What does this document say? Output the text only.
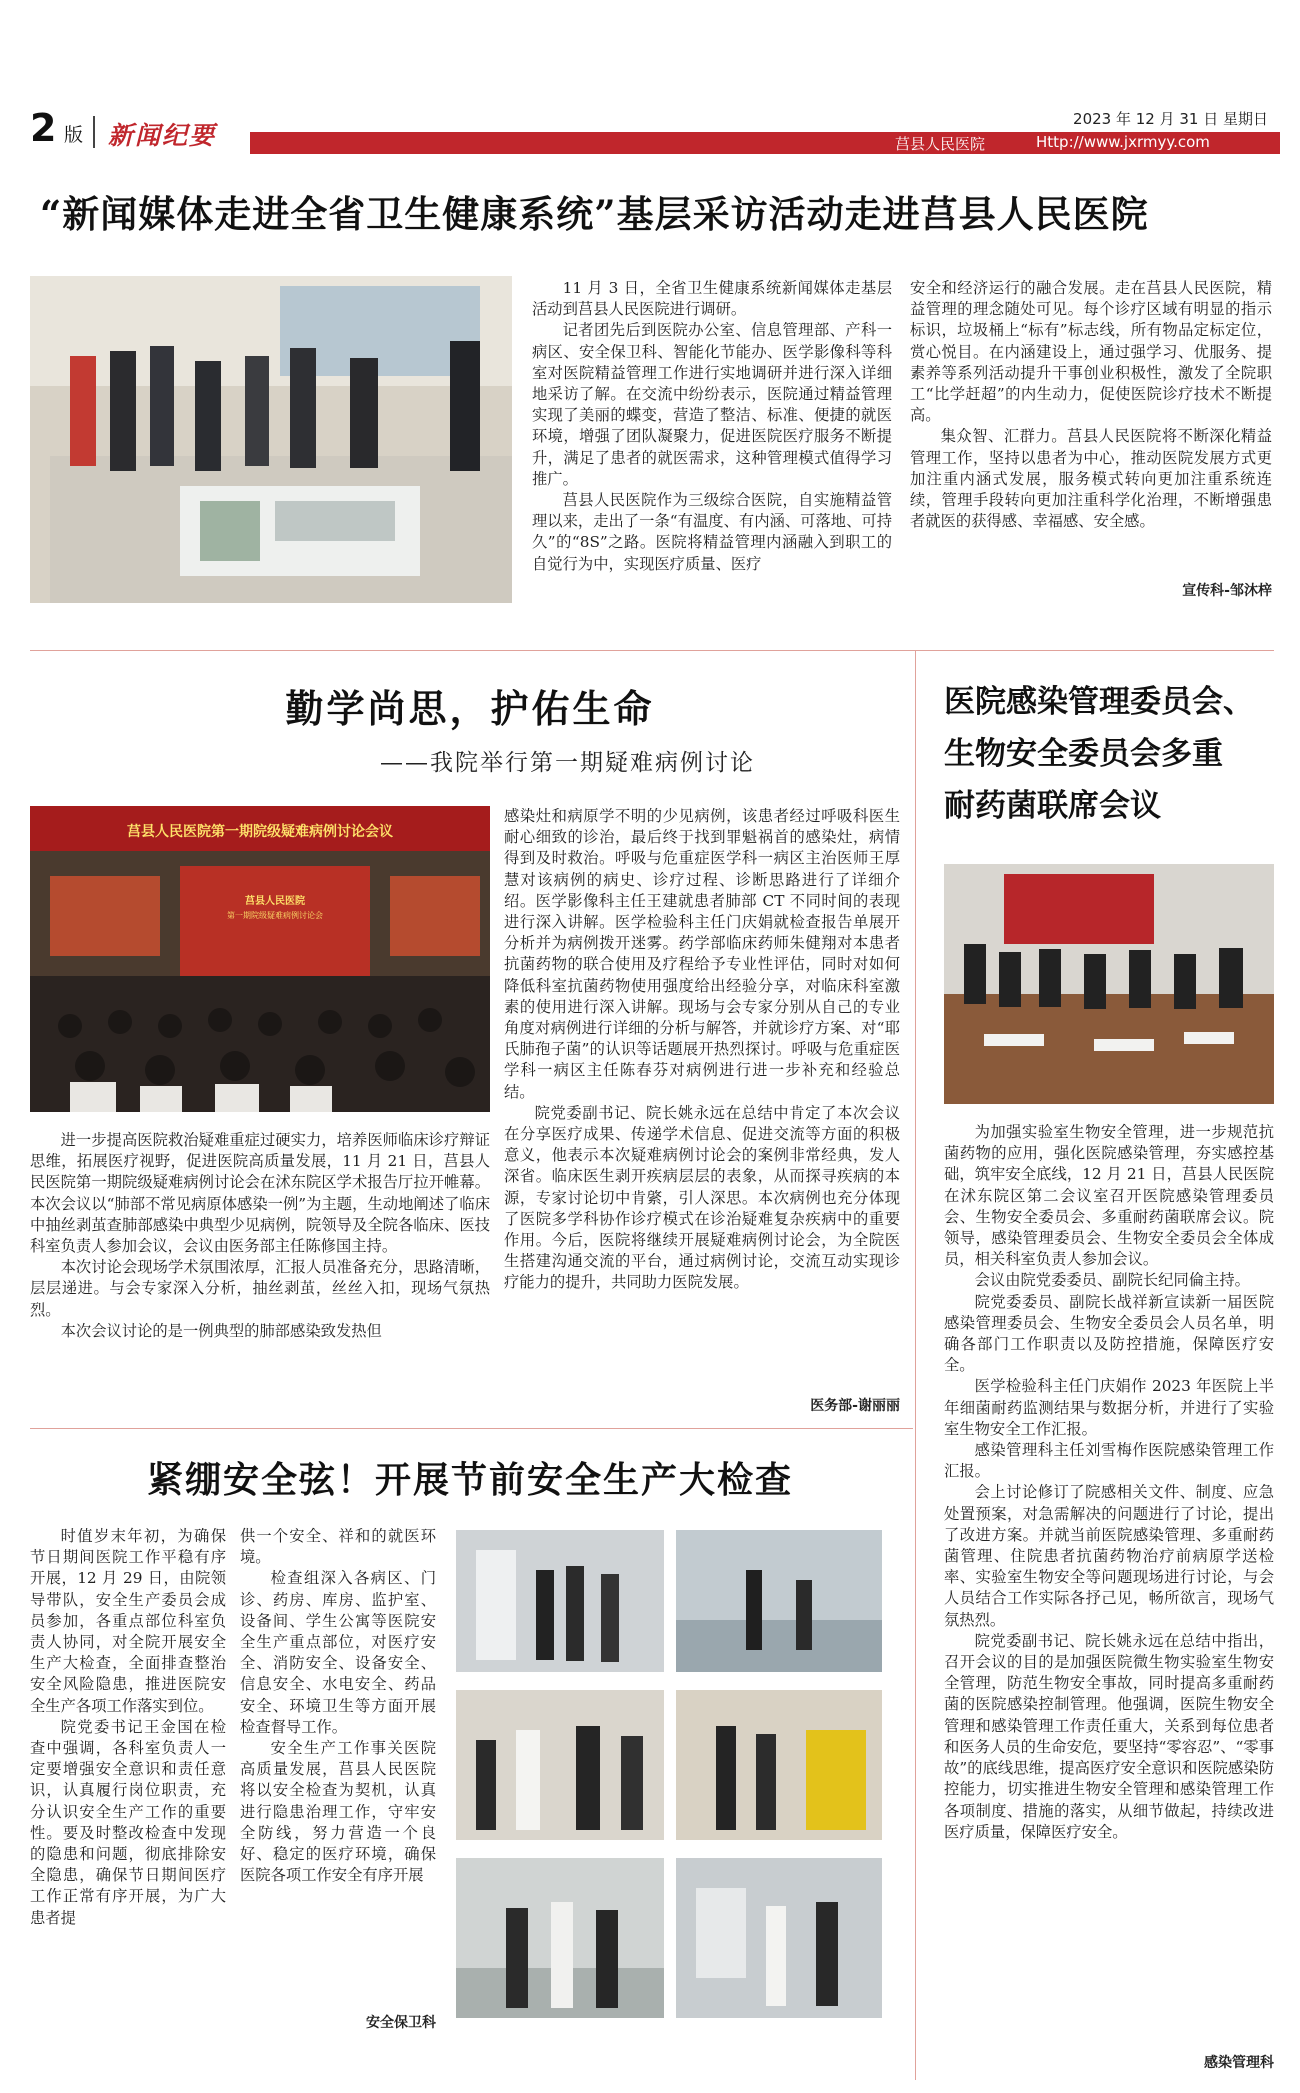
2 版 新闻纪要
2023 年 12 月 31 日 星期日
莒县人民医院	Http://www.jxrmyy.com
“新闻媒体走进全省卫生健康系统”基层采访活动走进莒县人民医院

11 月 3 日，全省卫生健康系统新闻媒体走基层活动到莒县人民医院进行调研。

记者团先后到医院办公室、信息管理部、产科一病区、安全保卫科、智能化节能办、医学影像科等科室对医院精益管理工作进行实地调研并进行深入详细地采访了解。在交流中纷纷表示，医院通过精益管理实现了美丽的蝶变，营造了整洁、标准、便捷的就医环境，增强了团队凝聚力，促进医院医疗服务不断提升，满足了患者的就医需求，这种管理模式值得学习推广。

莒县人民医院作为三级综合医院，自实施精益管理以来，走出了一条“有温度、有内涵、可落地、可持久”的“8S”之路。医院将精益管理内涵融入到职工的自觉行为中，实现医疗质量、医疗

安全和经济运行的融合发展。走在莒县人民医院，精益管理的理念随处可见。每个诊疗区域有明显的指示标识，垃圾桶上“标有”标志线，所有物品定标定位，赏心悦目。在内涵建设上，通过强学习、优服务、提素养等系列活动提升干事创业积极性，激发了全院职工“比学赶超”的内生动力，促使医院诊疗技术不断提高。

集众智、汇群力。莒县人民医院将不断深化精益管理工作，坚持以患者为中心，推动医院发展方式更加注重内涵式发展，服务模式转向更加注重系统连续，管理手段转向更加注重科学化治理，不断增强患者就医的获得感、幸福感、安全感。

宣传科-邹沐梓
勤学尚思，护佑生命
——我院举行第一期疑难病例讨论
莒县人民医院第一期院级疑难病例讨论会议
莒县人民医院
第一期院级疑难病例讨论会

感染灶和病原学不明的少见病例，该患者经过呼吸科医生耐心细致的诊治，最后终于找到罪魁祸首的感染灶，病情得到及时救治。呼吸与危重症医学科一病区主治医师王厚慧对该病例的病史、诊疗过程、诊断思路进行了详细介绍。医学影像科主任王建就患者肺部 CT 不同时间的表现进行深入讲解。医学检验科主任门庆娟就检查报告单展开分析并为病例拨开迷雾。药学部临床药师朱健翔对本患者抗菌药物的联合使用及疗程给予专业性评估，同时对如何降低科室抗菌药物使用强度给出经验分享，对临床科室激素的使用进行深入讲解。现场与会专家分别从自己的专业角度对病例进行详细的分析与解答，并就诊疗方案、对“耶氏肺孢子菌”的认识等话题展开热烈探讨。呼吸与危重症医学科一病区主任陈春芬对病例进行进一步补充和经验总结。

院党委副书记、院长姚永远在总结中肯定了本次会议在分享医疗成果、传递学术信息、促进交流等方面的积极意义，他表示本次疑难病例讨论会的案例非常经典，发人深省。临床医生剥开疾病层层的表象，从而探寻疾病的本源，专家讨论切中肯綮，引人深思。本次病例也充分体现了医院多学科协作诊疗模式在诊治疑难复杂疾病中的重要作用。今后，医院将继续开展疑难病例讨论会，为全院医生搭建沟通交流的平台，通过病例讨论，交流互动实现诊疗能力的提升，共同助力医院发展。

进一步提高医院救治疑难重症过硬实力，培养医师临床诊疗辩证思维，拓展医疗视野，促进医院高质量发展，11 月 21 日，莒县人民医院第一期院级疑难病例讨论会在沭东院区学术报告厅拉开帷幕。本次会议以“肺部不常见病原体感染一例”为主题，生动地阐述了临床中抽丝剥茧查肺部感染中典型少见病例，院领导及全院各临床、医技科室负责人参加会议，会议由医务部主任陈修国主持。

本次讨论会现场学术氛围浓厚，汇报人员准备充分，思路清晰，层层递进。与会专家深入分析，抽丝剥茧，丝丝入扣，现场气氛热烈。

本次会议讨论的是一例典型的肺部感染致发热但

医务部-谢丽丽
医院感染管理委员会、
生物安全委员会多重
耐药菌联席会议

为加强实验室生物安全管理，进一步规范抗菌药物的应用，强化医院感染管理，夯实感控基础，筑牢安全底线，12 月 21 日，莒县人民医院在沭东院区第二会议室召开医院感染管理委员会、生物安全委员会、多重耐药菌联席会议。院领导，感染管理委员会、生物安全委员会全体成员，相关科室负责人参加会议。

会议由院党委委员、副院长纪同倫主持。

院党委委员、副院长战祥新宣读新一届医院感染管理委员会、生物安全委员会人员名单，明确各部门工作职责以及防控措施，保障医疗安全。

医学检验科主任门庆娟作 2023 年医院上半年细菌耐药监测结果与数据分析，并进行了实验室生物安全工作汇报。

感染管理科主任刘雪梅作医院感染管理工作汇报。

会上讨论修订了院感相关文件、制度、应急处置预案，对急需解决的问题进行了讨论，提出了改进方案。并就当前医院感染管理、多重耐药菌管理、住院患者抗菌药物治疗前病原学送检率、实验室生物安全等问题现场进行讨论，与会人员结合工作实际各抒己见，畅所欲言，现场气氛热烈。

院党委副书记、院长姚永远在总结中指出，召开会议的目的是加强医院微生物实验室生物安全管理，防范生物安全事故，同时提高多重耐药菌的医院感染控制管理。他强调，医院生物安全管理和感染管理工作责任重大，关系到每位患者和医务人员的生命安危，要坚持“零容忍”、“零事故”的底线思维，提高医疗安全意识和医院感染防控能力，切实推进生物安全管理和感染管理工作各项制度、措施的落实，从细节做起，持续改进医疗质量，保障医疗安全。

感染管理科
紧绷安全弦！开展节前安全生产大检查

时值岁末年初，为确保节日期间医院工作平稳有序开展，12 月 29 日，由院领导带队，安全生产委员会成员参加，各重点部位科室负责人协同，对全院开展安全生产大检查，全面排查整治安全风险隐患，推进医院安全生产各项工作落实到位。

院党委书记王金国在检查中强调，各科室负责人一定要增强安全意识和责任意识，认真履行岗位职责，充分认识安全生产工作的重要性。要及时整改检查中发现的隐患和问题，彻底排除安全隐患，确保节日期间医疗工作正常有序开展，为广大患者提

供一个安全、祥和的就医环境。

检查组深入各病区、门诊、药房、库房、监护室、设备间、学生公寓等医院安全生产重点部位，对医疗安全、消防安全、设备安全、信息安全、水电安全、药品安全、环境卫生等方面开展检查督导工作。

安全生产工作事关医院高质量发展，莒县人民医院将以安全检查为契机，认真进行隐患治理工作，守牢安全防线，努力营造一个良好、稳定的医疗环境，确保医院各项工作安全有序开展

安全保卫科
